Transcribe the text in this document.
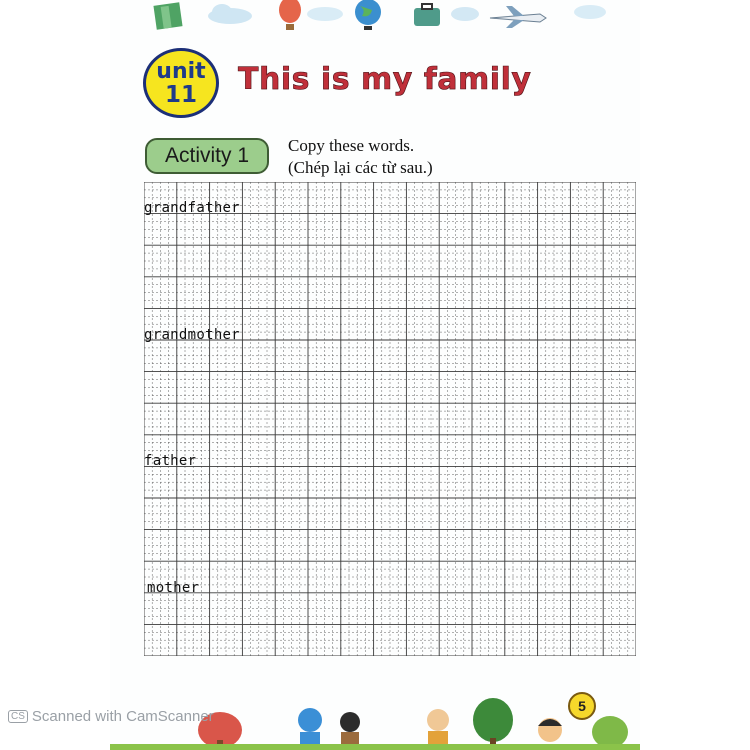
unit
11	This is my family
Activity 1	Copy these words.
(Chép lại các từ sau.)
grandfather
grandmother
father
mother
5
CS Scanned with CamScanner
